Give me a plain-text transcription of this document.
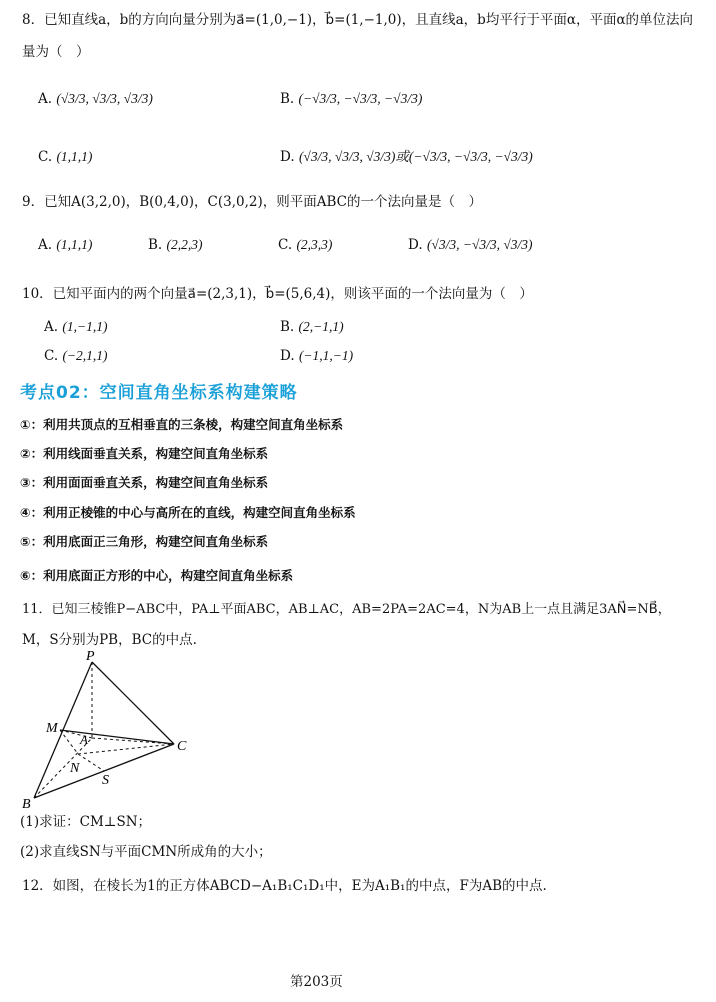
8．已知直线a，b的方向向量分别为a⃗=(1,0,−1)，b⃗=(1,−1,0)，且直线a，b均平行于平面α，平面α的单位法向
量为（　）
A. (√3/3, √3/3, √3/3)	B. (−√3/3, −√3/3, −√3/3)
C. (1,1,1)	D. (√3/3, √3/3, √3/3)或(−√3/3, −√3/3, −√3/3)
9．已知A(3,2,0)，B(0,4,0)，C(3,0,2)，则平面ABC的一个法向量是（　）
A. (1,1,1)	B. (2,2,3)	C. (2,3,3)	D. (√3/3, −√3/3, √3/3)
10．已知平面内的两个向量a⃗=(2,3,1)，b⃗=(5,6,4)，则该平面的一个法向量为（　）
A. (1,−1,1)	B. (2,−1,1)
C. (−2,1,1)	D. (−1,1,−1)
考点02：空间直角坐标系构建策略
①：利用共顶点的互相垂直的三条棱，构建空间直角坐标系
②：利用线面垂直关系，构建空间直角坐标系
③：利用面面垂直关系，构建空间直角坐标系
④：利用正棱锥的中心与高所在的直线，构建空间直角坐标系
⑤：利用底面正三角形，构建空间直角坐标系
⑥：利用底面正方形的中心，构建空间直角坐标系
11．已知三棱锥P−ABC中，PA⊥平面ABC，AB⊥AC，AB=2PA=2AC=4，N为AB上一点且满足3AN⃗=NB⃗，
M，S分别为PB，BC的中点.
P
M
A	C
N
S
B
(1)求证：CM⊥SN；
(2)求直线SN与平面CMN所成角的大小；
12．如图，在棱长为1的正方体ABCD−A₁B₁C₁D₁中，E为A₁B₁的中点，F为AB的中点.
第203页
